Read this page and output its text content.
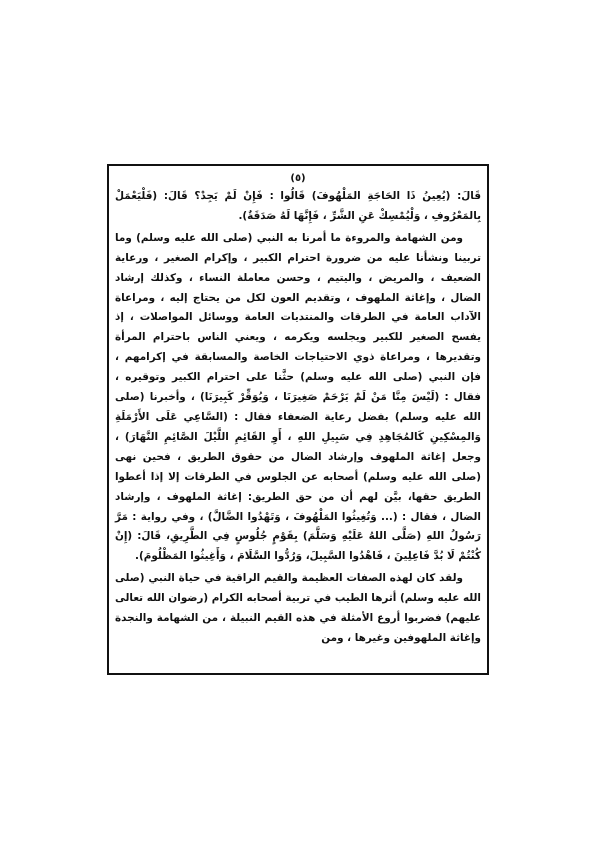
(٥)

قَالَ: (يُعِينُ ذَا الحَاجَةِ المَلْهُوفَ) قَالُوا : فَإِنْ لَمْ يَجِدْ؟ قَالَ: (فَلْيَعْمَلْ بِالمَعْرُوفِ ، وَلْيُمْسِكْ عَنِ الشَّرِّ ، فَإِنَّهَا لَهُ صَدَقَةٌ).

ومن الشهامة والمروءة ما أمرنا به النبي (صلى الله عليه وسلم) وما تربينا ونشأنا عليه من ضرورة احترام الكبير ، وإكرام الصغير ، ورعاية الضعيف ، والمريض ، واليتيم ، وحسن معاملة النساء ، وكذلك إرشاد الضال ، وإغاثة الملهوف ، وتقديم العون لكل من يحتاج إليه ، ومراعاة الآداب العامة في الطرقات والمنتديات العامة ووسائل المواصلات ، إذ يفسح الصغير للكبير ويجلسه ويكرمه ، ويعني الناس باحترام المرأة وتقديرها ، ومراعاة ذوي الاحتياجات الخاصة والمسابقة في إكرامهم ، فإن النبي (صلى الله عليه وسلم) حثَّنا على احترام الكبير وتوقيره ، فقال : (لَيْسَ مِنَّا مَنْ لَمْ يَرْحَمْ صَغِيرَنَا ، وَيُوَقِّرْ كَبِيرَنَا) ، وأخبرنا (صلى الله عليه وسلم) بفضل رعاية الضعفاء فقال : (السَّاعِي عَلَى الأَرْمَلَةِ وَالمِسْكِينِ كَالمُجَاهِدِ فِي سَبِيلِ اللهِ ، أَوِ القَائِمِ اللَّيْلَ الصَّائِمِ النَّهَارَ) ، وجعل إغاثة الملهوف وإرشاد الضال من حقوق الطريق ، فحين نهى (صلى الله عليه وسلم) أصحابه عن الجلوس في الطرقات إلا إذا أعطوا الطريق حقها، بيَّن لهم أن من حق الطريق: إغاثة الملهوف ، وإرشاد الضال ، فقال : (... وَتُغِيثُوا المَلْهُوفَ ، وَتَهْدُوا الضَّالَّ) ، وفي رواية : مَرَّ رَسُولُ اللهِ (صَلَّى اللهُ عَلَيْهِ وَسَلَّمَ) بِقَوْمٍ جُلُوسٍ فِي الطَّرِيقِ، قَالَ: (إِنْ كُنْتُمْ لَا بُدَّ فَاعِلِينَ ، فَاهْدُوا السَّبِيلَ، وَرُدُّوا السَّلَامَ ، وَأَغِيثُوا المَظْلُومَ).

ولقد كان لهذه الصفات العظيمة والقيم الراقية في حياة النبي (صلى الله عليه وسلم) أثرها الطيب في تربية أصحابه الكرام (رضوان الله تعالى عليهم) فضربوا أروع الأمثلة في هذه القيم النبيلة ، من الشهامة والنجدة وإغاثة الملهوفين وغيرها ، ومن
